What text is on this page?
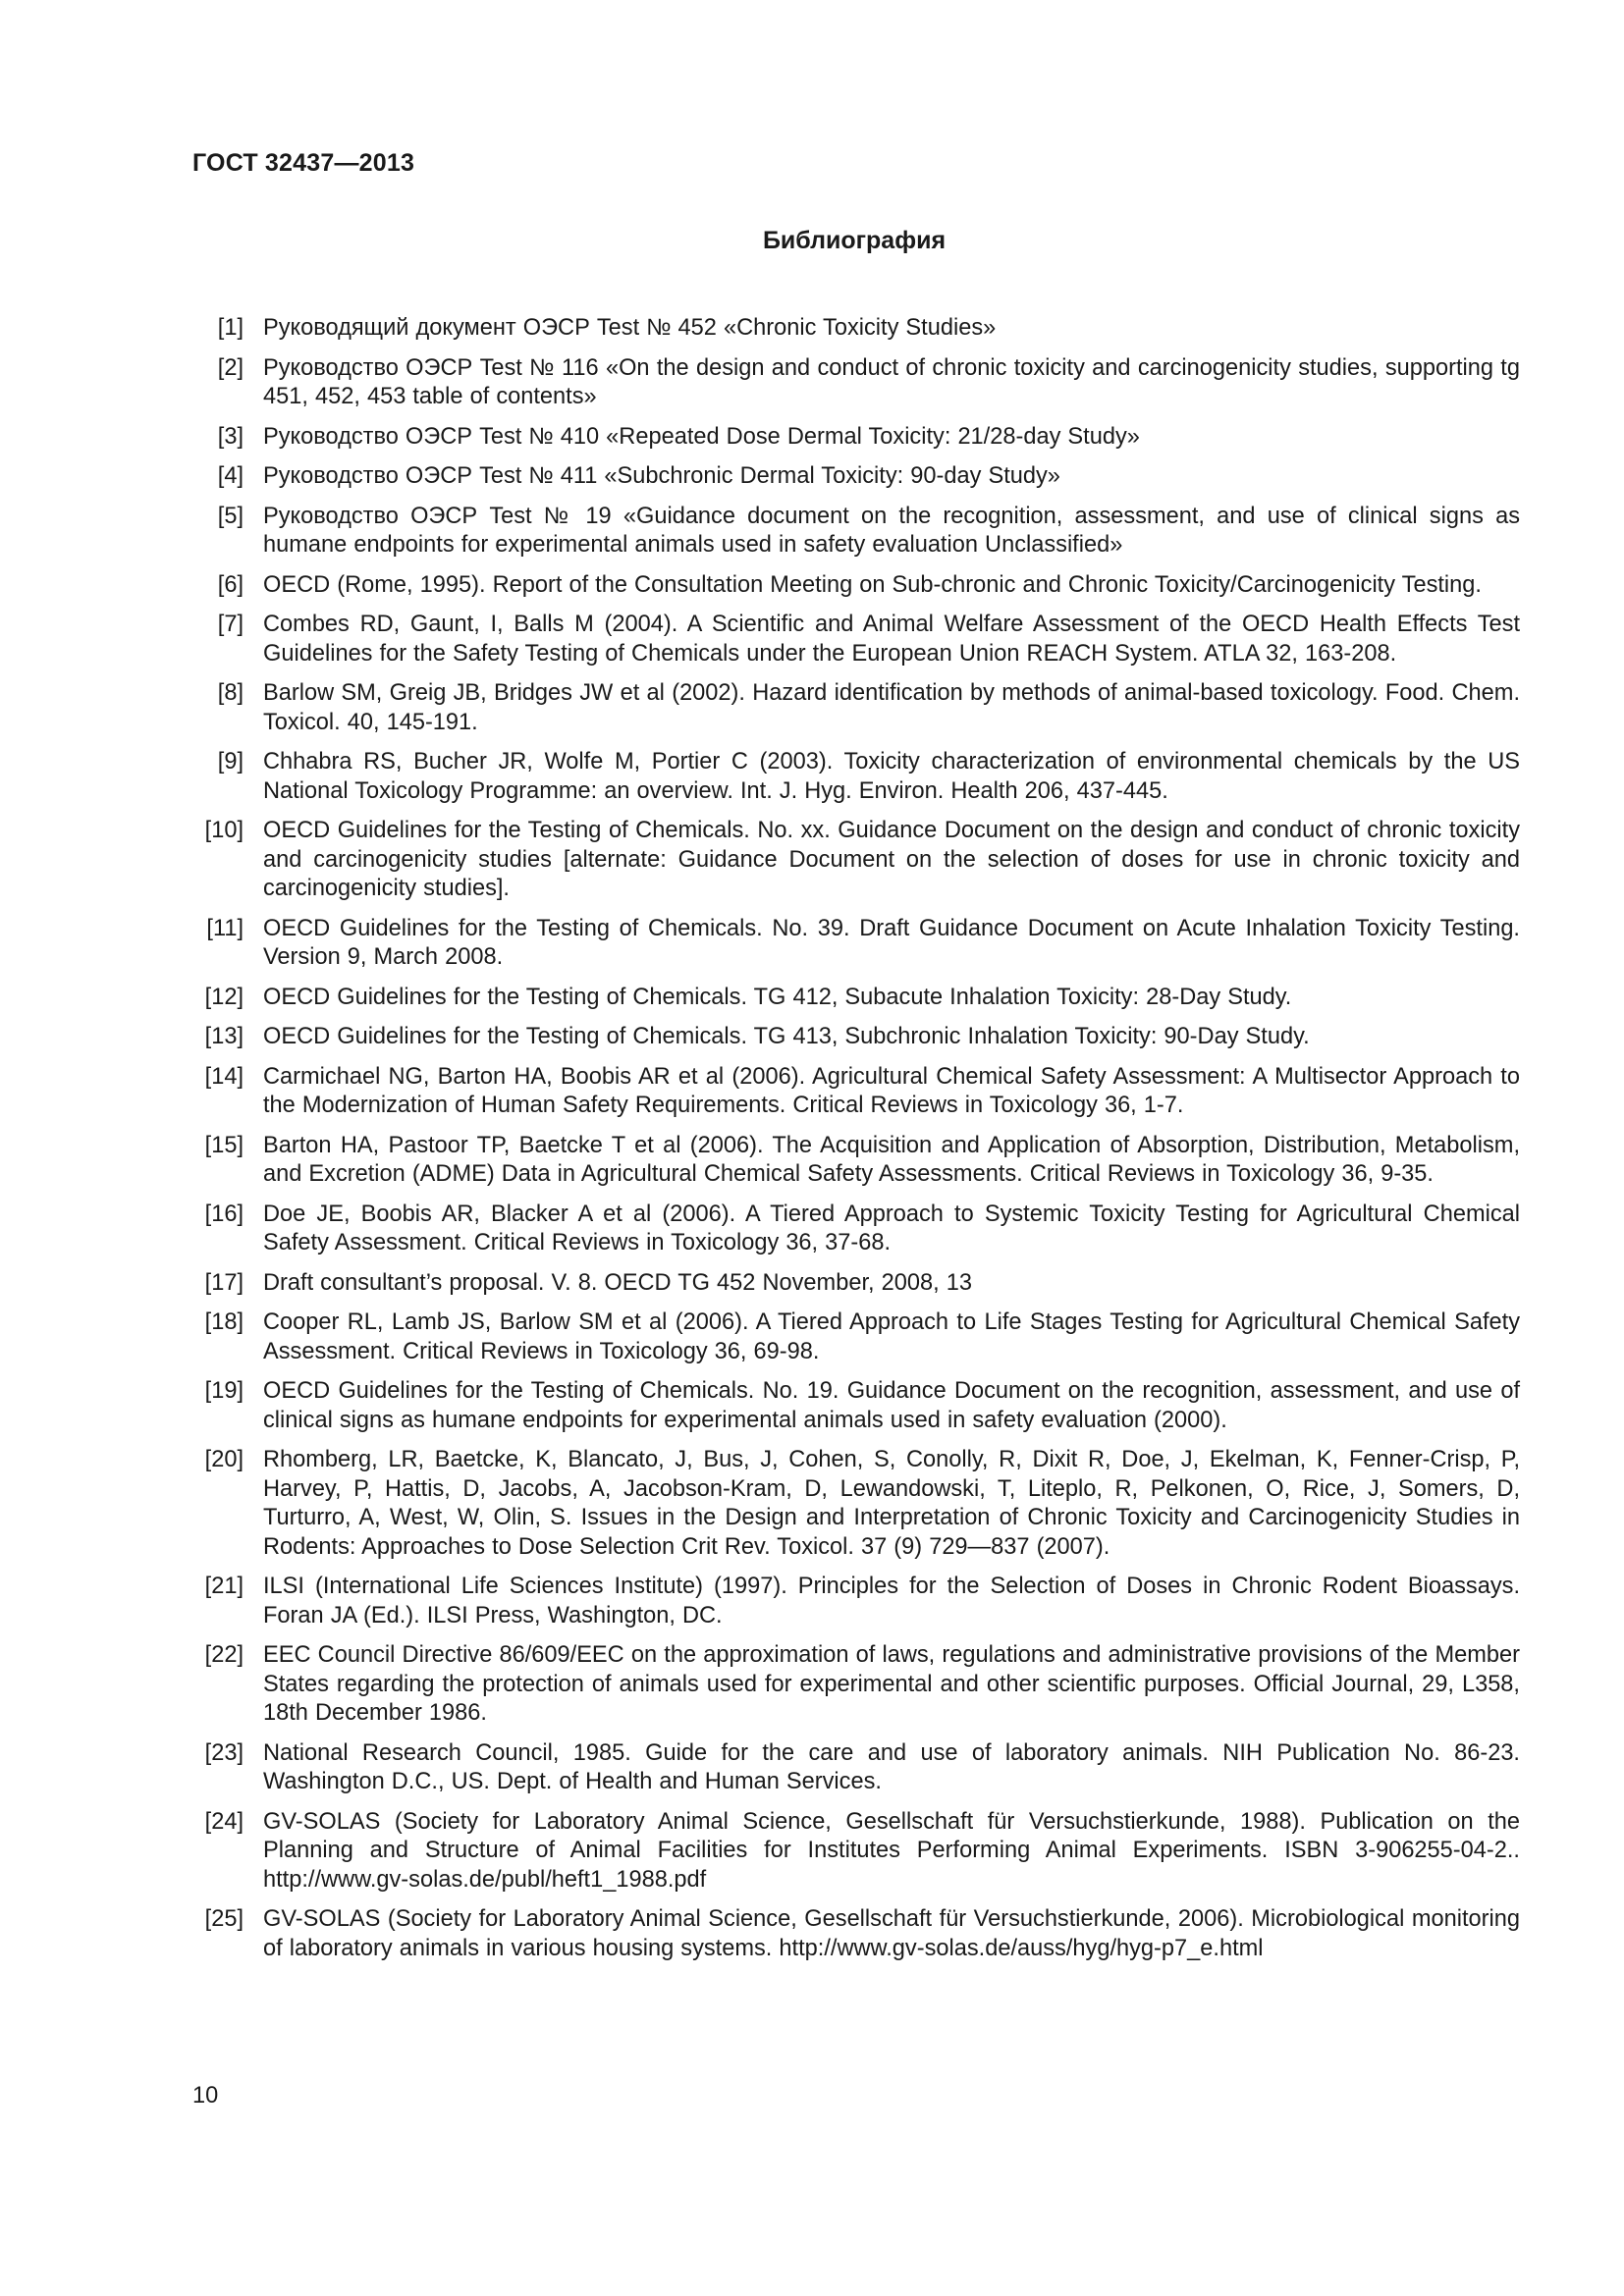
ГОСТ 32437—2013
Библиография
[1] Руководящий документ ОЭСР Test № 452 «Chronic Toxicity Studies»
[2] Руководство ОЭСР Test № 116 «On the design and conduct of chronic toxicity and carcinogenicity studies, supporting tg 451, 452, 453 table of contents»
[3] Руководство ОЭСР Test № 410 «Repeated Dose Dermal Toxicity: 21/28-day Study»
[4] Руководство ОЭСР Test № 411 «Subchronic Dermal Toxicity: 90-day Study»
[5] Руководство ОЭСР Test № 19 «Guidance document on the recognition, assessment, and use of clinical signs as humane endpoints for experimental animals used in safety evaluation Unclassified»
[6] OECD (Rome, 1995). Report of the Consultation Meeting on Sub-chronic and Chronic Toxicity/Carcinogenicity Testing.
[7] Combes RD, Gaunt, I, Balls M (2004). A Scientific and Animal Welfare Assessment of the OECD Health Effects Test Guidelines for the Safety Testing of Chemicals under the European Union REACH System. ATLA 32, 163-208.
[8] Barlow SM, Greig JB, Bridges JW et al (2002). Hazard identification by methods of animal-based toxicology. Food. Chem. Toxicol. 40, 145-191.
[9] Chhabra RS, Bucher JR, Wolfe M, Portier C (2003). Toxicity characterization of environmental chemicals by the US National Toxicology Programme: an overview. Int. J. Hyg. Environ. Health 206, 437-445.
[10] OECD Guidelines for the Testing of Chemicals. No. xx. Guidance Document on the design and conduct of chronic toxicity and carcinogenicity studies [alternate: Guidance Document on the selection of doses for use in chronic toxicity and carcinogenicity studies].
[11] OECD Guidelines for the Testing of Chemicals. No. 39. Draft Guidance Document on Acute Inhalation Toxicity Testing. Version 9, March 2008.
[12] OECD Guidelines for the Testing of Chemicals. TG 412, Subacute Inhalation Toxicity: 28-Day Study.
[13] OECD Guidelines for the Testing of Chemicals. TG 413, Subchronic Inhalation Toxicity: 90-Day Study.
[14] Carmichael NG, Barton HA, Boobis AR et al (2006). Agricultural Chemical Safety Assessment: A Multisector Approach to the Modernization of Human Safety Requirements. Critical Reviews in Toxicology 36, 1-7.
[15] Barton HA, Pastoor TP, Baetcke T et al (2006). The Acquisition and Application of Absorption, Distribution, Metabolism, and Excretion (ADME) Data in Agricultural Chemical Safety Assessments. Critical Reviews in Toxicology 36, 9-35.
[16] Doe JE, Boobis AR, Blacker A et al (2006). A Tiered Approach to Systemic Toxicity Testing for Agricultural Chemical Safety Assessment. Critical Reviews in Toxicology 36, 37-68.
[17] Draft consultant’s proposal. V. 8. OECD TG 452 November, 2008, 13
[18] Cooper RL, Lamb JS, Barlow SM et al (2006). A Tiered Approach to Life Stages Testing for Agricultural Chemical Safety Assessment. Critical Reviews in Toxicology 36, 69-98.
[19] OECD Guidelines for the Testing of Chemicals. No. 19. Guidance Document on the recognition, assessment, and use of clinical signs as humane endpoints for experimental animals used in safety evaluation (2000).
[20] Rhomberg, LR, Baetcke, K, Blancato, J, Bus, J, Cohen, S, Conolly, R, Dixit R, Doe, J, Ekelman, K, Fenner-Crisp, P, Harvey, P, Hattis, D, Jacobs, A, Jacobson-Kram, D, Lewandowski, T, Liteplo, R, Pelkonen, O, Rice, J, Somers, D, Turturro, A, West, W, Olin, S. Issues in the Design and Interpretation of Chronic Toxicity and Carcinogenicity Studies in Rodents: Approaches to Dose Selection Crit Rev. Toxicol. 37 (9) 729—837 (2007).
[21] ILSI (International Life Sciences Institute) (1997). Principles for the Selection of Doses in Chronic Rodent Bioassays. Foran JA (Ed.). ILSI Press, Washington, DC.
[22] EEC Council Directive 86/609/EEC on the approximation of laws, regulations and administrative provisions of the Member States regarding the protection of animals used for experimental and other scientific purposes. Official Journal, 29, L358, 18th December 1986.
[23] National Research Council, 1985. Guide for the care and use of laboratory animals. NIH Publication No. 86-23. Washington D.C., US. Dept. of Health and Human Services.
[24] GV-SOLAS (Society for Laboratory Animal Science, Gesellschaft für Versuchstierkunde, 1988). Publication on the Planning and Structure of Animal Facilities for Institutes Performing Animal Experiments. ISBN 3-906255-04-2.. http://www.gv-solas.de/publ/heft1_1988.pdf
[25] GV-SOLAS (Society for Laboratory Animal Science, Gesellschaft für Versuchstierkunde, 2006). Microbiological monitoring of laboratory animals in various housing systems. http://www.gv-solas.de/auss/hyg/hyg-p7_e.html
10
